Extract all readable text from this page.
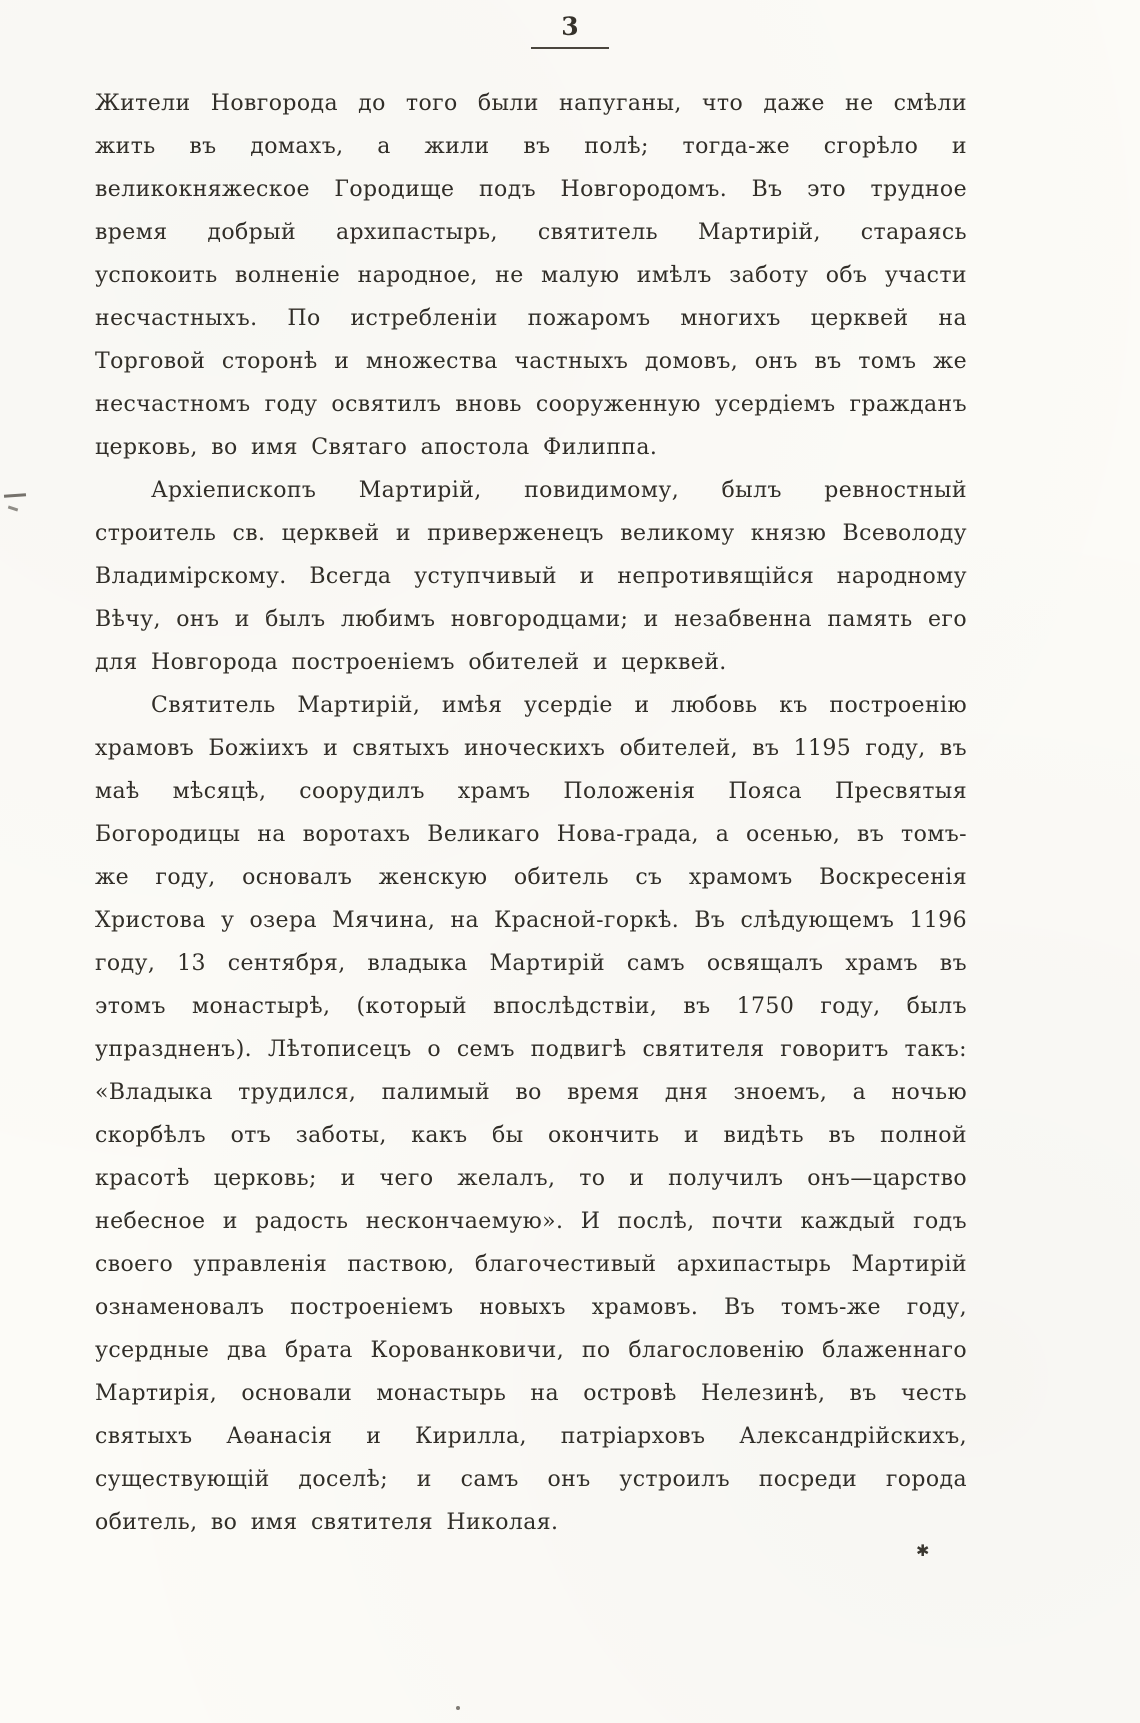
3

Жители Новгорода до того были напуганы, что даже не смѣли жить въ домахъ, а жили въ полѣ; тогда-же сгорѣло и великокняжеское Городище подъ Новгородомъ. Въ это трудное время добрый архипастырь, святитель Мартирій, стараясь успокоить волненіе народное, не малую имѣлъ заботу объ участи несчастныхъ. По истребленіи пожаромъ многихъ церквей на Торговой сторонѣ и множества частныхъ домовъ, онъ въ томъ же несчастномъ году освятилъ вновь сооруженную усердіемъ гражданъ церковь, во имя Святаго апостола Филиппа.

Архіепископъ Мартирій, повидимому, былъ ревностный строитель св. церквей и приверженецъ великому князю Всеволоду Владимірскому. Всегда уступчивый и непротивящійся народному Вѣчу, онъ и былъ любимъ новгородцами; и незабвенна память его для Новгорода построеніемъ обителей и церквей.

Святитель Мартирій, имѣя усердіе и любовь къ построенію храмовъ Божіихъ и святыхъ иноческихъ обителей, въ 1195 году, въ маѣ мѣсяцѣ, соорудилъ храмъ Положенія Пояса Пресвятыя Богородицы на воротахъ Великаго Нова-града, а осенью, въ томъ-же году, основалъ женскую обитель съ храмомъ Воскресенія Христова у озера Мячина, на Красной-горкѣ. Въ слѣдующемъ 1196 году, 13 сентября, владыка Мартирій самъ освящалъ храмъ въ этомъ монастырѣ, (который впослѣдствіи, въ 1750 году, былъ упраздненъ). Лѣтописецъ о семъ подвигѣ святителя говоритъ такъ: «Владыка трудился, палимый во время дня зноемъ, а ночью скорбѣлъ отъ заботы, какъ бы окончить и видѣть въ полной красотѣ церковь; и чего желалъ, то и получилъ онъ—царство небесное и радость нескончаемую». И послѣ, почти каждый годъ своего управленія паствою, благочестивый архипастырь Мартирій ознаменовалъ построеніемъ новыхъ храмовъ. Въ томъ-же году, усердные два брата Корованковичи, по благословенію блаженнаго Мартирія, основали монастырь на островѣ Нелезинѣ, въ честь святыхъ Аѳанасія и Кирилла, патріарховъ Александрійскихъ, существующій доселѣ; и самъ онъ устроилъ посреди города обитель, во имя святителя Николая.

✱
